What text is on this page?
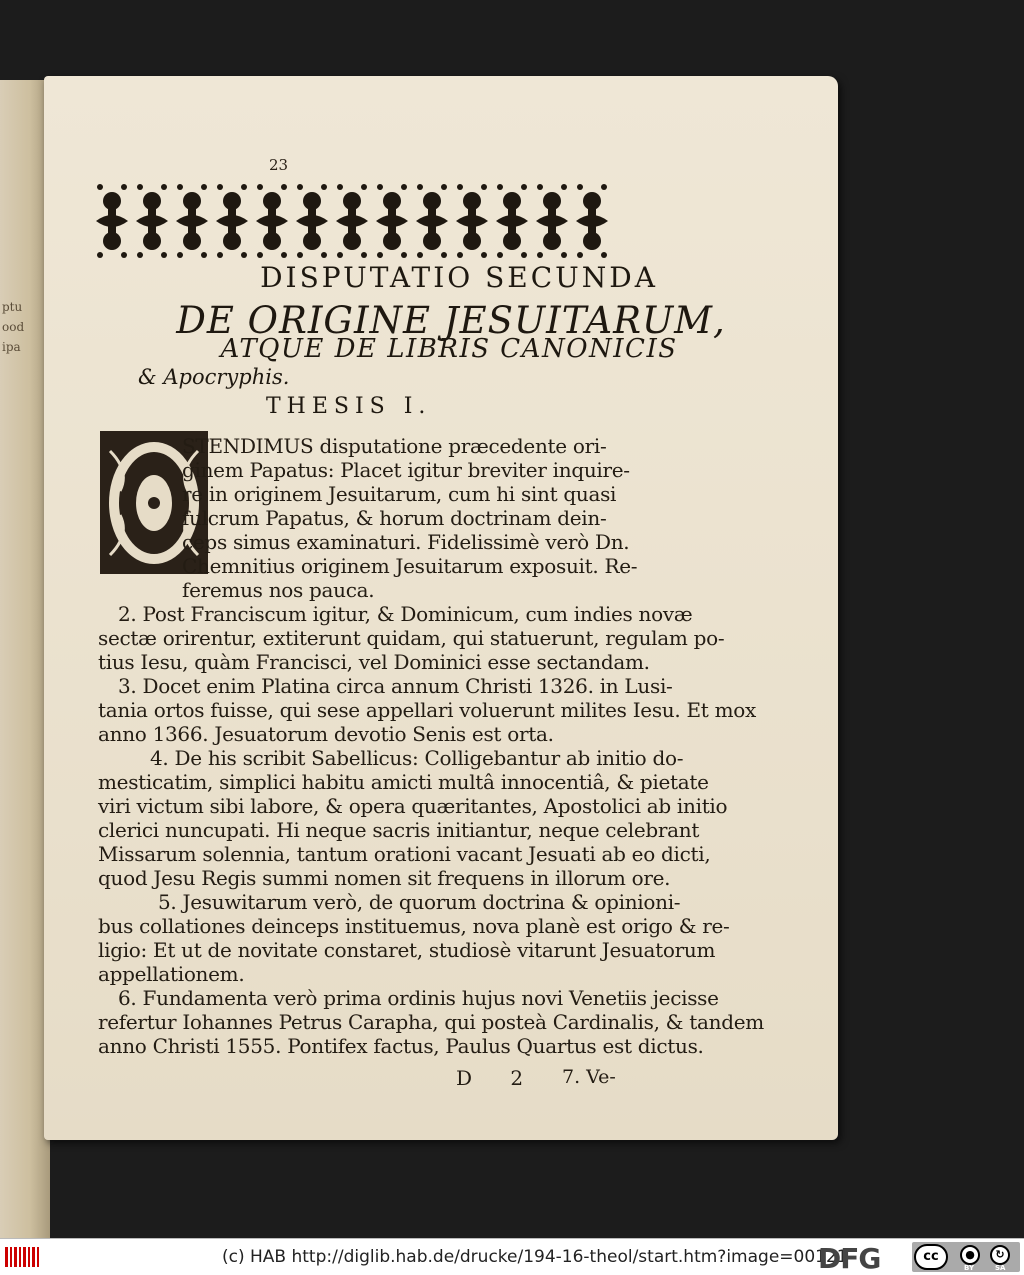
ptu
ood
ipa
23
DISPUTATIO SECUNDA
DE ORIGINE JESUITARUM,
ATQUE DE LIBRIS CANONICIS
& Apocryphis.
THESIS I.
STENDIMUS disputatione præcedente ori-
ginem Papatus: Placet igitur breviter inquire-
re in originem Jesuitarum, cum hi sint quasi
fulcrum Papatus, & horum doctrinam dein-
ceps simus examinaturi. Fidelissimè verò Dn.
Chemnitius originem Jesuitarum exposuit. Re-
feremus nos pauca.
2. Post Franciscum igitur, & Dominicum, cum indies novæ
sectæ orirentur, extiterunt quidam, qui statuerunt, regulam po-
tius Iesu, quàm Francisci, vel Dominici esse sectandam.
3. Docet enim Platina circa annum Christi 1326. in Lusi-
tania ortos fuisse, qui sese appellari voluerunt milites Iesu. Et mox
anno 1366. Jesuatorum devotio Senis est orta.
4. De his scribit Sabellicus: Colligebantur ab initio do-
mesticatim, simplici habitu amicti multâ innocentiâ, & pietate
viri victum sibi labore, & opera quæritantes, Apostolici ab initio
clerici nuncupati. Hi neque sacris initiantur, neque celebrant
Missarum solennia, tantum orationi vacant Jesuati ab eo dicti,
quod Jesu Regis summi nomen sit frequens in illorum ore.
5. Jesuwitarum verò, de quorum doctrina & opinioni-
bus collationes deinceps instituemus, nova planè est origo & re-
ligio: Et ut de novitate constaret, studiosè vitarunt Jesuatorum
appellationem.
6. Fundamenta verò prima ordinis hujus novi Venetiis jecisse
refertur Iohannes Petrus Carapha, qui posteà Cardinalis, & tandem
anno Christi 1555. Pontifex factus, Paulus Quartus est dictus.
D 2 7. Ve-
(c) HAB http://diglib.hab.de/drucke/194-16-theol/start.htm?image=00121
DFG	cc	●	↻
BY	SA
